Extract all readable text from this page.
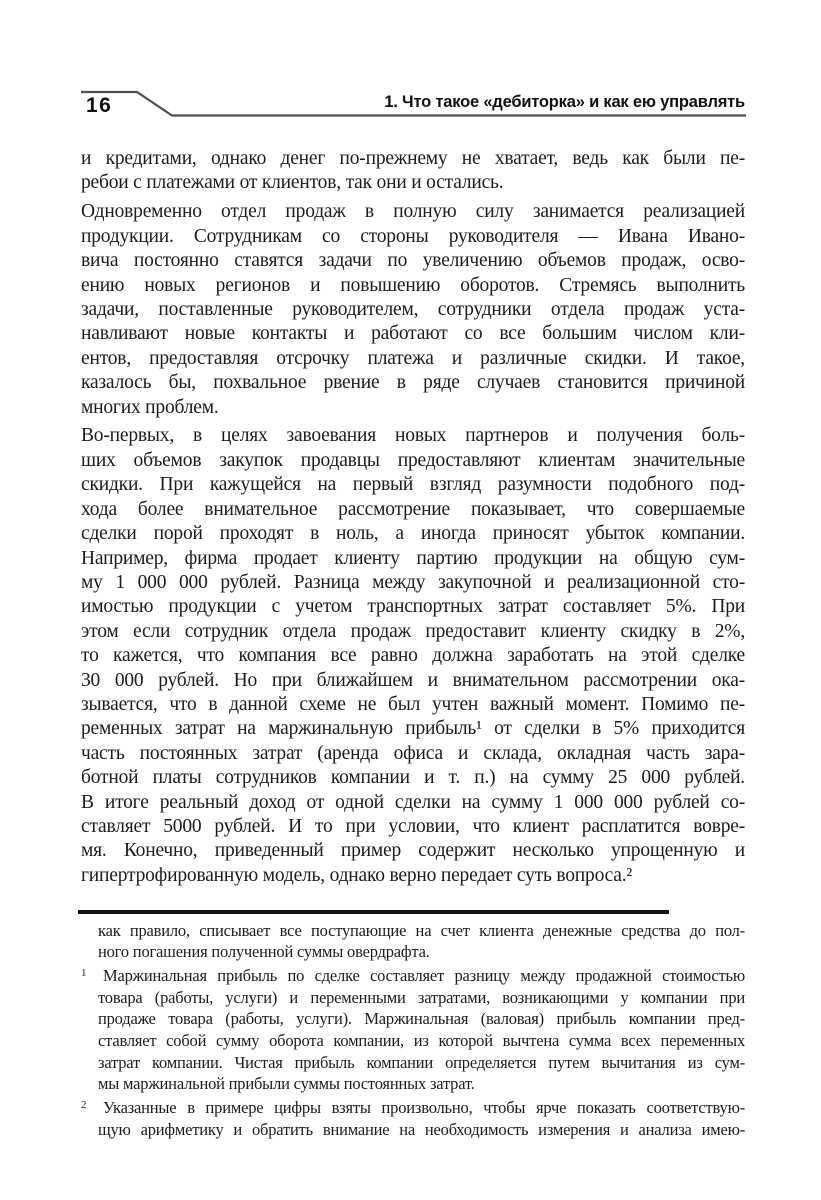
16	1. Что такое «дебиторка» и как ею управлять
и кредитами, однако денег по-прежнему не хватает, ведь как были пе-
ребои с платежами от клиентов, так они и остались.
Одновременно отдел продаж в полную силу занимается реализацией
продукции. Сотрудникам со стороны руководителя — Ивана Ивано-
вича постоянно ставятся задачи по увеличению объемов продаж, осво-
ению новых регионов и повышению оборотов. Стремясь выполнить
задачи, поставленные руководителем, сотрудники отдела продаж уста-
навливают новые контакты и работают со все большим числом кли-
ентов, предоставляя отсрочку платежа и различные скидки. И такое,
казалось бы, похвальное рвение в ряде случаев становится причиной
многих проблем.
Во-первых, в целях завоевания новых партнеров и получения боль-
ших объемов закупок продавцы предоставляют клиентам значительные
скидки. При кажущейся на первый взгляд разумности подобного под-
хода более внимательное рассмотрение показывает, что совершаемые
сделки порой проходят в ноль, а иногда приносят убыток компании.
Например, фирма продает клиенту партию продукции на общую сум-
му 1 000 000 рублей. Разница между закупочной и реализационной сто-
имостью продукции с учетом транспортных затрат составляет 5%. При
этом если сотрудник отдела продаж предоставит клиенту скидку в 2%,
то кажется, что компания все равно должна заработать на этой сделке
30 000 рублей. Но при ближайшем и внимательном рассмотрении ока-
зывается, что в данной схеме не был учтен важный момент. Помимо пе-
ременных затрат на маржинальную прибыль¹ от сделки в 5% приходится
часть постоянных затрат (аренда офиса и склада, окладная часть зара-
ботной платы сотрудников компании и т. п.) на сумму 25 000 рублей.
В итоге реальный доход от одной сделки на сумму 1 000 000 рублей со-
ставляет 5000 рублей. И то при условии, что клиент расплатится вовре-
мя. Конечно, приведенный пример содержит несколько упрощенную и
гипертрофированную модель, однако верно передает суть вопроса.²
как правило, списывает все поступающие на счет клиента денежные средства до пол-
ного погашения полученной суммы овердрафта.
1	Маржинальная прибыль по сделке составляет разницу между продажной стоимостью
товара (работы, услуги) и переменными затратами, возникающими у компании при
продаже товара (работы, услуги). Маржинальная (валовая) прибыль компании пред-
ставляет собой сумму оборота компании, из которой вычтена сумма всех переменных
затрат компании. Чистая прибыль компании определяется путем вычитания из сум-
мы маржинальной прибыли суммы постоянных затрат.
2	Указанные в примере цифры взяты произвольно, чтобы ярче показать соответствую-
щую арифметику и обратить внимание на необходимость измерения и анализа имею-
